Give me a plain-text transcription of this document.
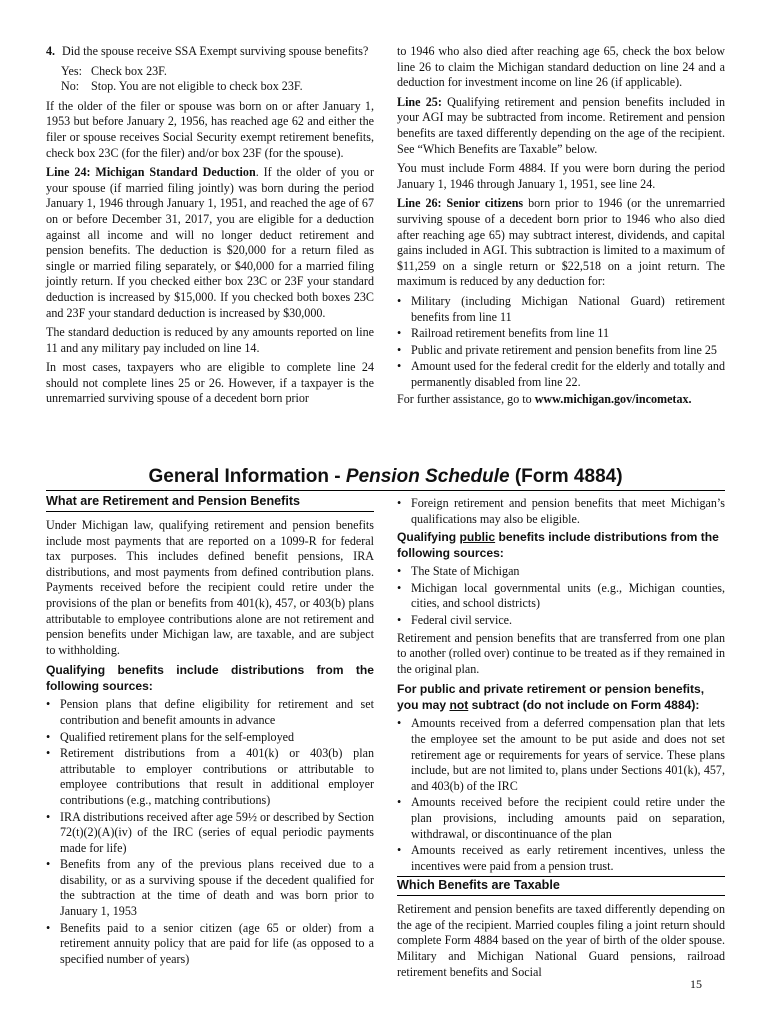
4. Did the spouse receive SSA Exempt surviving spouse benefits?

Yes: Check box 23F.

No: Stop. You are not eligible to check box 23F.

If the older of the filer or spouse was born on or after January 1, 1953 but before January 2, 1956, has reached age 62 and either the filer or spouse receives Social Security exempt retirement benefits, check box 23C (for the filer) and/or box 23F (for the spouse).

Line 24: Michigan Standard Deduction. If the older of you or your spouse (if married filing jointly) was born during the period January 1, 1946 through January 1, 1951, and reached the age of 67 on or before December 31, 2017, you are eligible for a deduction against all income and will no longer deduct retirement and pension benefits. The deduction is $20,000 for a return filed as single or married filing separately, or $40,000 for a married filing jointly return. If you checked either box 23C or 23F your standard deduction is increased by $15,000. If you checked both boxes 23C and 23F your standard deduction is increased by $30,000.

The standard deduction is reduced by any amounts reported on line 11 and any military pay included on line 14.

In most cases, taxpayers who are eligible to complete line 24 should not complete lines 25 or 26. However, if a taxpayer is the unremarried surviving spouse of a decedent born prior

to 1946 who also died after reaching age 65, check the box below line 26 to claim the Michigan standard deduction on line 24 and a deduction for investment income on line 26 (if applicable).

Line 25: Qualifying retirement and pension benefits included in your AGI may be subtracted from income. Retirement and pension benefits are taxed differently depending on the age of the recipient. See “Which Benefits are Taxable” below.

You must include Form 4884. If you were born during the period January 1, 1946 through January 1, 1951, see line 24.

Line 26: Senior citizens born prior to 1946 (or the unremarried surviving spouse of a decedent born prior to 1946 who also died after reaching age 65) may subtract interest, dividends, and capital gains included in AGI. This subtraction is limited to a maximum of $11,259 on a single return or $22,518 on a joint return. The maximum is reduced by any deduction for:

• Military (including Michigan National Guard) retirement benefits from line 11
• Railroad retirement benefits from line 11
• Public and private retirement and pension benefits from line 25
• Amount used for the federal credit for the elderly and totally and permanently disabled from line 22.

For further assistance, go to www.michigan.gov/incometax.

General Information - Pension Schedule (Form 4884)
What are Retirement and Pension Benefits

Under Michigan law, qualifying retirement and pension benefits include most payments that are reported on a 1099-R for federal tax purposes. This includes defined benefit pensions, IRA distributions, and most payments from defined contribution plans. Payments received before the recipient could retire under the provisions of the plan or benefits from 401(k), 457, or 403(b) plans attributable to employee contributions alone are not retirement and pension benefits under Michigan law, are taxable, and are subject to withholding.

Qualifying benefits include distributions from the following sources:

• Pension plans that define eligibility for retirement and set contribution and benefit amounts in advance
• Qualified retirement plans for the self-employed
• Retirement distributions from a 401(k) or 403(b) plan attributable to employer contributions or attributable to employee contributions that result in additional employer contributions (e.g., matching contributions)
• IRA distributions received after age 59½ or described by Section 72(t)(2)(A)(iv) of the IRC (series of equal periodic payments made for life)
• Benefits from any of the previous plans received due to a disability, or as a surviving spouse if the decedent qualified for the subtraction at the time of death and was born prior to January 1, 1953
• Benefits paid to a senior citizen (age 65 or older) from a retirement annuity policy that are paid for life (as opposed to a specified number of years)
• Foreign retirement and pension benefits that meet Michigan’s qualifications may also be eligible.

Qualifying public benefits include distributions from the following sources:

• The State of Michigan
• Michigan local governmental units (e.g., Michigan counties, cities, and school districts)
• Federal civil service.

Retirement and pension benefits that are transferred from one plan to another (rolled over) continue to be treated as if they remained in the original plan.

For public and private retirement or pension benefits, you may not subtract (do not include on Form 4884):

• Amounts received from a deferred compensation plan that lets the employee set the amount to be put aside and does not set retirement age or requirements for years of service. These plans include, but are not limited to, plans under Sections 401(k), 457, and 403(b) of the IRC
• Amounts received before the recipient could retire under the plan provisions, including amounts paid on separation, withdrawal, or discontinuance of the plan
• Amounts received as early retirement incentives, unless the incentives were paid from a pension trust.
Which Benefits are Taxable

Retirement and pension benefits are taxed differently depending on the age of the recipient. Married couples filing a joint return should complete Form 4884 based on the year of birth of the older spouse. Military and Michigan National Guard pensions, railroad retirement benefits and Social

15
